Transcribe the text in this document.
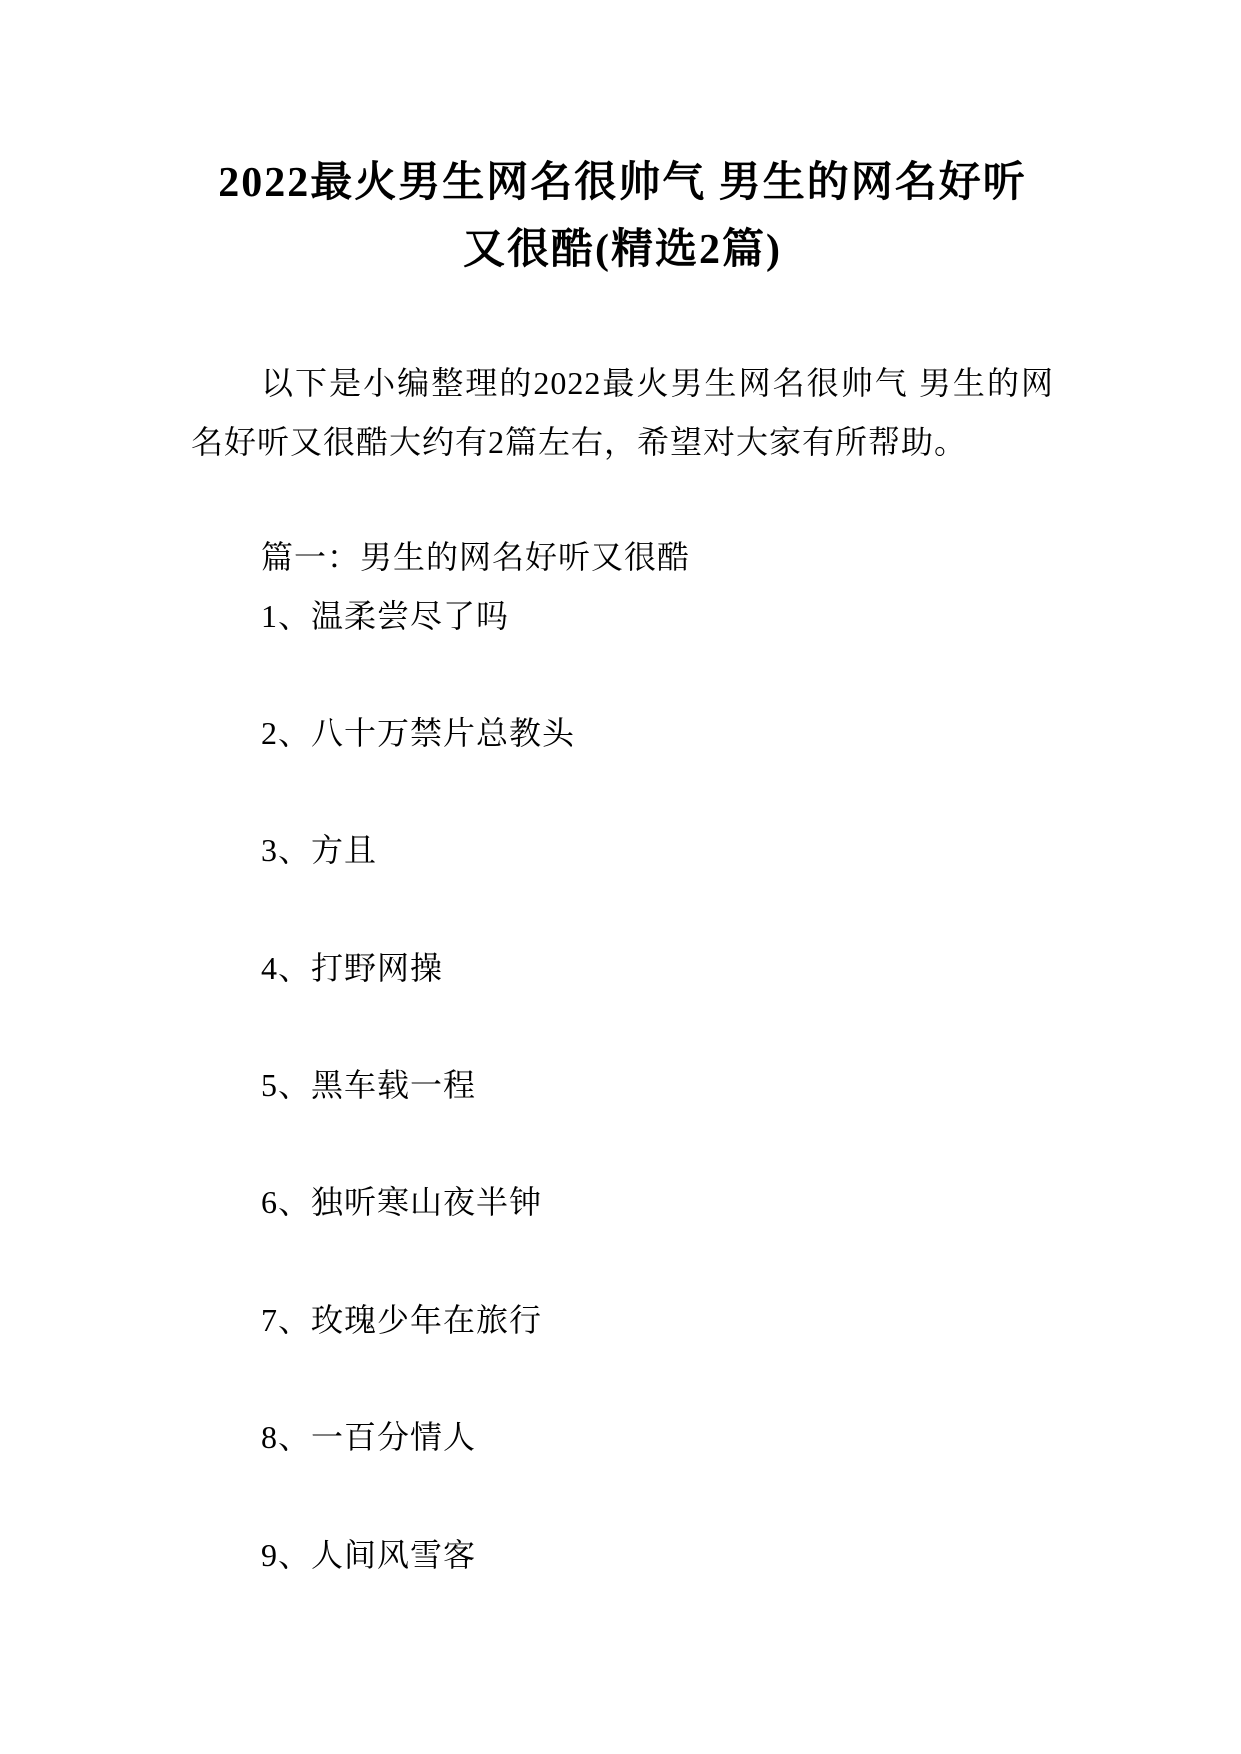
2022最火男生网名很帅气 男生的网名好听
又很酷(精选2篇)

以下是小编整理的2022最火男生网名很帅气 男生的网
名好听又很酷大约有2篇左右，希望对大家有所帮助。

篇一：男生的网名好听又很酷
1、温柔尝尽了吗
2、八十万禁片总教头
3、方且
4、打野网操
5、黑车载一程
6、独听寒山夜半钟
7、玫瑰少年在旅行
8、一百分情人
9、人间风雪客
